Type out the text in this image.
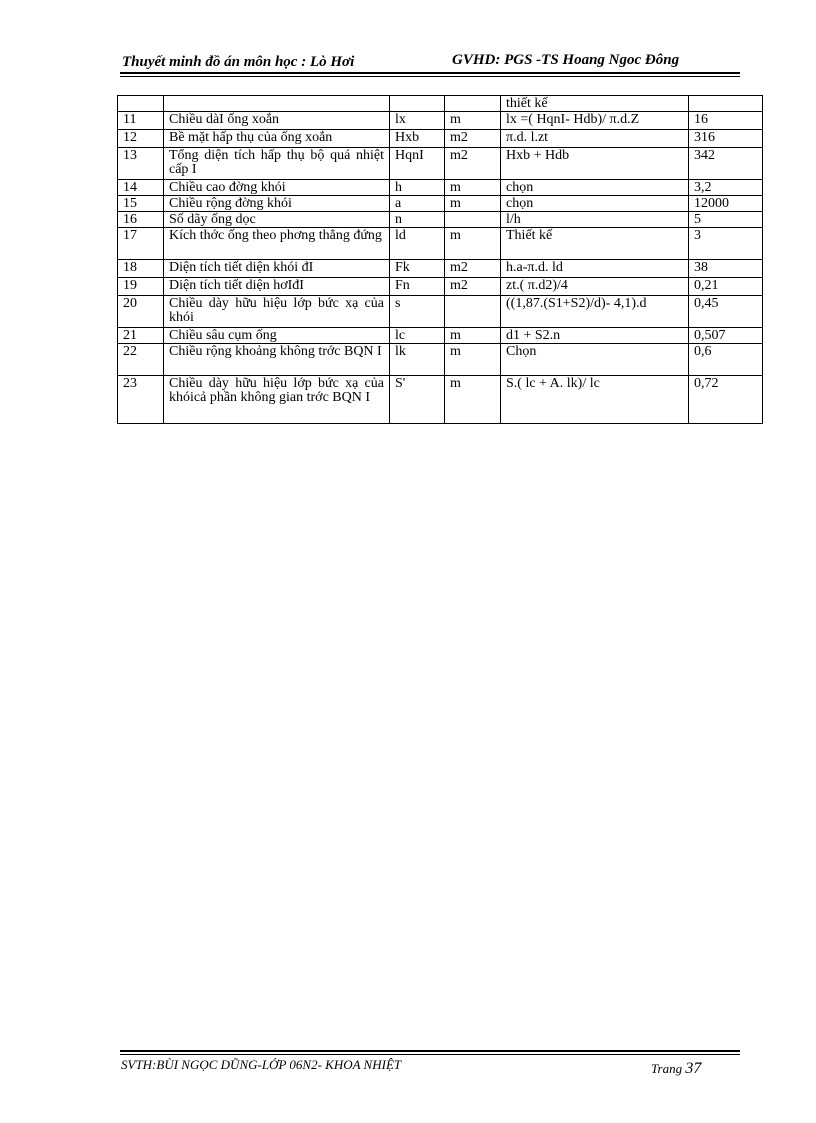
Thuyết minh đồ án môn học : Lò Hơi	GVHD: PGS -TS Hoang Ngoc Đông
				thiết kế	
11	Chiều dàI ống xoắn	lx	m	lx =( HqnI- Hdb)/ π.d.Z	16
12	Bề mặt hấp thụ của ống xoắn	Hxb	m2	π.d. l.zt	316
13	Tổng diện tích hấp thụ bộ quá nhiệt cấp I	HqnI	m2	Hxb + Hdb	342
14	Chiều cao đờng khói	h	m	chọn	3,2
15	Chiều rộng đờng khói	a	m	chọn	12000
16	Số dãy ống dọc	n		l/h	5
17	Kích thớc ống theo phơng thẳng đứng	ld	m	Thiết kế	3
18	Diện tích tiết diện khói đI	Fk	m2	h.a-π.d. ld	38
19	Diện tích tiết diện hơIđI	Fn	m2	zt.( π.d2)/4	0,21
20	Chiều dày hữu hiệu lớp bức xạ của khói	s		((1,87.(S1+S2)/d)- 4,1).d	0,45
21	Chiều sâu cụm ống	lc	m	d1 + S2.n	0,507
22	Chiều rộng khoảng không trớc BQN I	lk	m	Chọn	0,6
23	Chiều dày hữu hiệu lớp bức xạ của khóicả phần không gian trớc BQN I	S'	m	S.( lc + A. lk)/ lc	0,72
SVTH:BÙI NGỌC DŨNG-LỚP 06N2- KHOA NHIỆT	Trang 37
